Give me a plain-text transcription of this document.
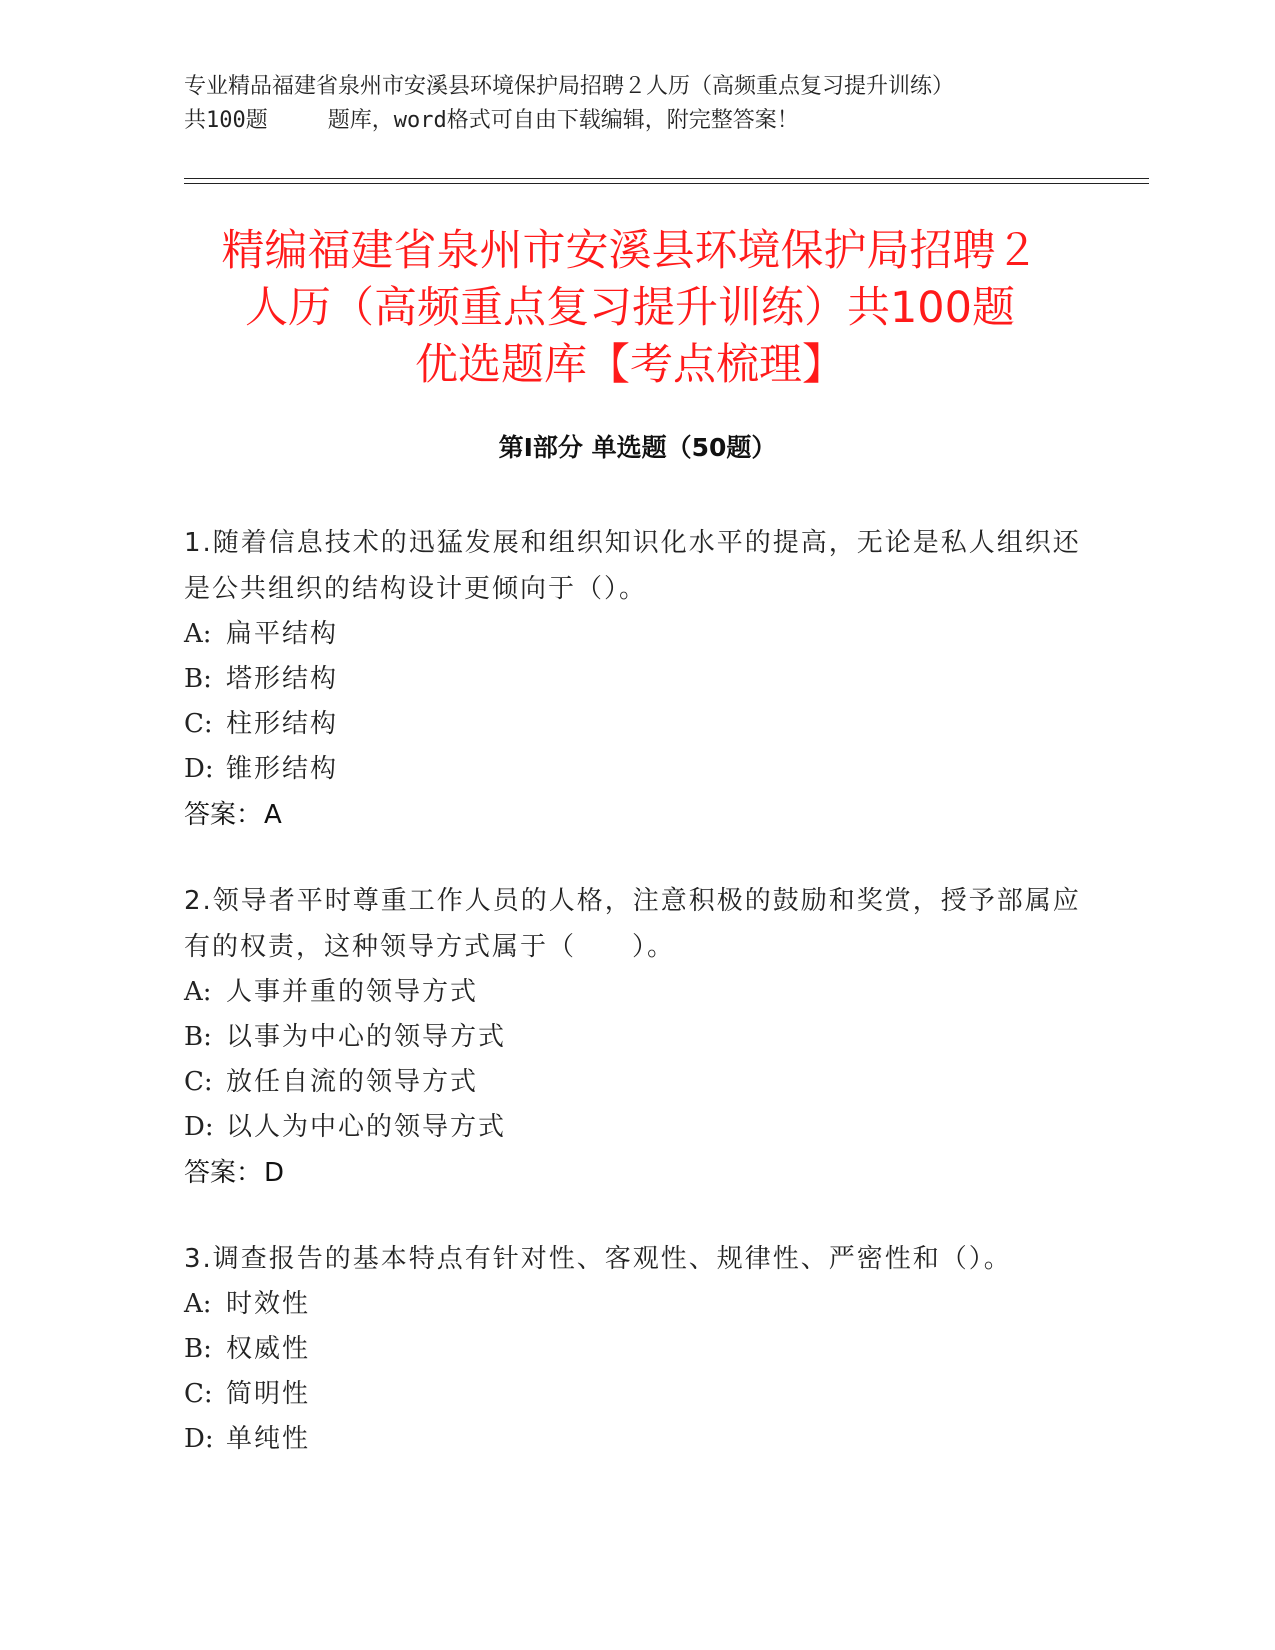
专业精品福建省泉州市安溪县环境保护局招聘２人历（高频重点复习提升训练）
共100题	题库，word格式可自由下载编辑，附完整答案！
精编福建省泉州市安溪县环境保护局招聘２
人历（高频重点复习提升训练）共100题
优选题库【考点梳理】
第Ⅰ部分 单选题（50题）

1.随着信息技术的迅猛发展和组织知识化水平的提高，无论是私人组织还是公共组织的结构设计更倾向于（）。

A: 扁平结构
B: 塔形结构
C: 柱形结构
D: 锥形结构
答案：A

2.领导者平时尊重工作人员的人格，注意积极的鼓励和奖赏，授予部属应有的权责，这种领导方式属于（　　）。

A: 人事并重的领导方式
B: 以事为中心的领导方式
C: 放任自流的领导方式
D: 以人为中心的领导方式
答案：D

3.调查报告的基本特点有针对性、客观性、规律性、严密性和（）。

A: 时效性
B: 权威性
C: 简明性
D: 单纯性
